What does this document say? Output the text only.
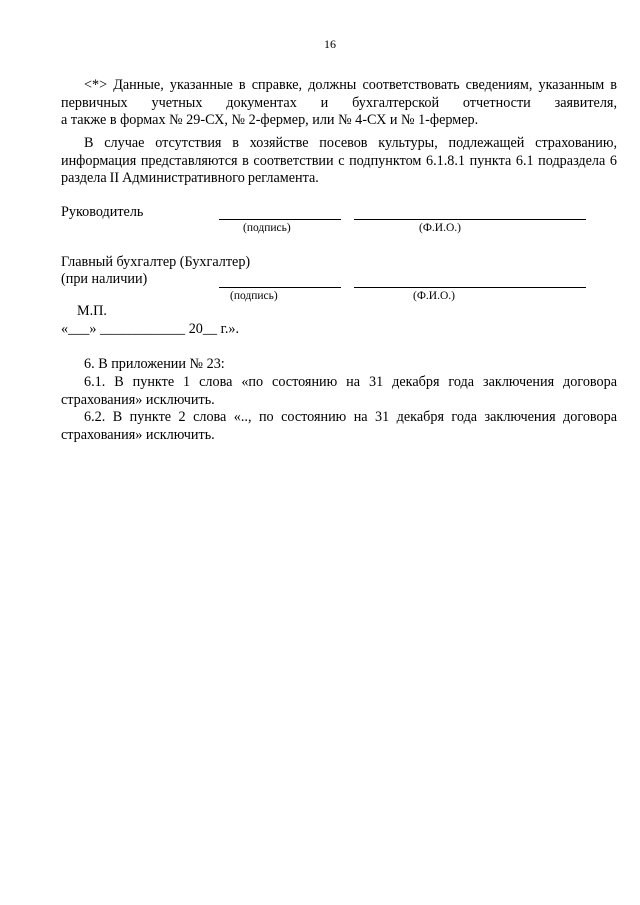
16

<*> Данные, указанные в справке, должны соответствовать сведениям, указанным в первичных учетных документах и бухгалтерской отчетности заявителя,

а также в формах № 29-СХ, № 2-фермер, или № 4-СХ и № 1-фермер.

В случае отсутствия в хозяйстве посевов культуры, подлежащей страхованию, информация представляются в соответствии с подпунктом 6.1.8.1 пункта 6.1 подраздела 6 раздела II Административного регламента.

Руководитель
(подпись)	(Ф.И.О.)
Главный бухгалтер (Бухгалтер)
(при наличии)
(подпись)	(Ф.И.О.)
М.П.
«___» ____________ 20__ г.».
6. В приложении № 23:

6.1. В пункте 1 слова «по состоянию на 31 декабря года заключения договора страхования» исключить.

6.2. В пункте 2 слова «.., по состоянию на 31 декабря года заключения договора страхования» исключить.
